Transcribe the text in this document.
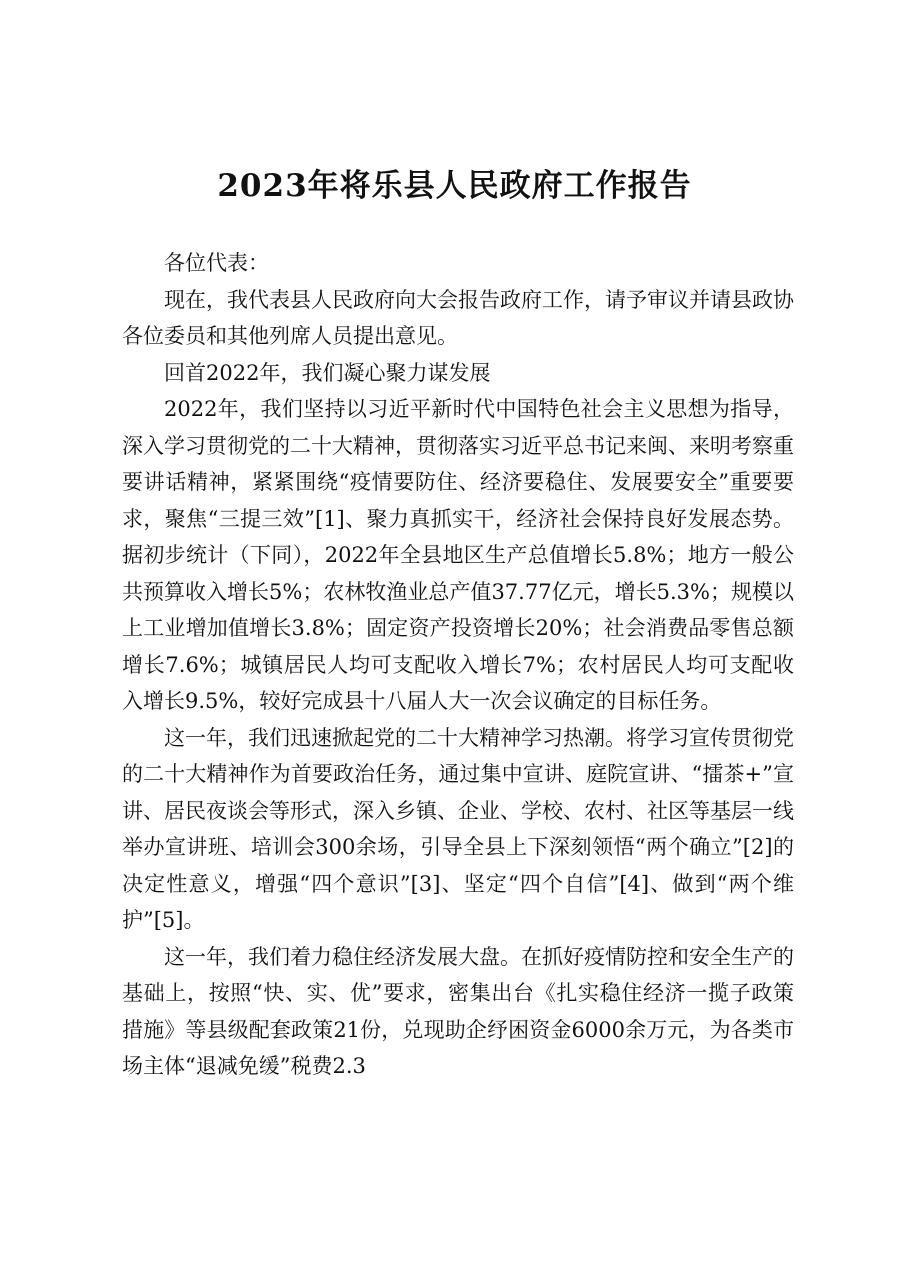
2023年将乐县人民政府工作报告

各位代表：

现在，我代表县人民政府向大会报告政府工作，请予审议并请县政协各位委员和其他列席人员提出意见。

回首2022年，我们凝心聚力谋发展

2022年，我们坚持以习近平新时代中国特色社会主义思想为指导，深入学习贯彻党的二十大精神，贯彻落实习近平总书记来闽、来明考察重要讲话精神，紧紧围绕“疫情要防住、经济要稳住、发展要安全”重要要求，聚焦“三提三效”[1]、聚力真抓实干，经济社会保持良好发展态势。据初步统计（下同），2022年全县地区生产总值增长5.8%；地方一般公共预算收入增长5%；农林牧渔业总产值37.77亿元，增长5.3%；规模以上工业增加值增长3.8%；固定资产投资增长20%；社会消费品零售总额增长7.6%；城镇居民人均可支配收入增长7%；农村居民人均可支配收入增长9.5%，较好完成县十八届人大一次会议确定的目标任务。

这一年，我们迅速掀起党的二十大精神学习热潮。将学习宣传贯彻党的二十大精神作为首要政治任务，通过集中宣讲、庭院宣讲、“擂茶+”宣讲、居民夜谈会等形式，深入乡镇、企业、学校、农村、社区等基层一线举办宣讲班、培训会300余场，引导全县上下深刻领悟“两个确立”[2]的决定性意义，增强“四个意识”[3]、坚定“四个自信”[4]、做到“两个维护”[5]。

这一年，我们着力稳住经济发展大盘。在抓好疫情防控和安全生产的基础上，按照“快、实、优”要求，密集出台《扎实稳住经济一揽子政策措施》等县级配套政策21份，兑现助企纾困资金6000余万元，为各类市场主体“退减免缓”税费2.3
